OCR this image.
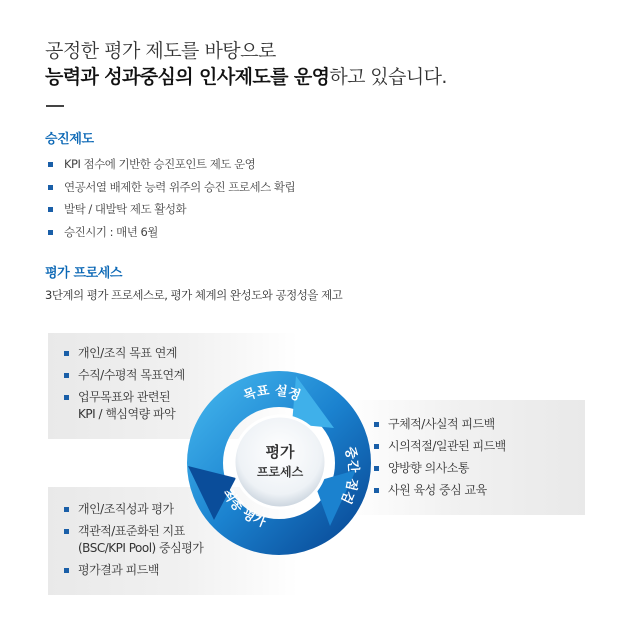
공정한 평가 제도를 바탕으로
능력과 성과중심의 인사제도를 운영하고 있습니다.
승진제도
KPI 점수에 기반한 승진포인트 제도 운영
연공서열 배제한 능력 위주의 승진 프로세스 확립
발탁 / 대발탁 제도 활성화
승진시기 : 매년 6월
평가 프로세스
3단계의 평가 프로세스로, 평가 체계의 완성도와 공정성을 제고
개인/조직 목표 연계
수직/수평적 목표연계
업무목표와 관련된
KPI / 핵심역량 파악
구체적/사실적 피드백
시의적절/일관된 피드백
양방향 의사소통
사원 육성 중심 교육
개인/조직성과 평가
객관적/표준화된 지표
(BSC/KPI Pool) 중심평가
평가결과 피드백
평가
프로세스
목표 설정
중간 점검
최종 평가
